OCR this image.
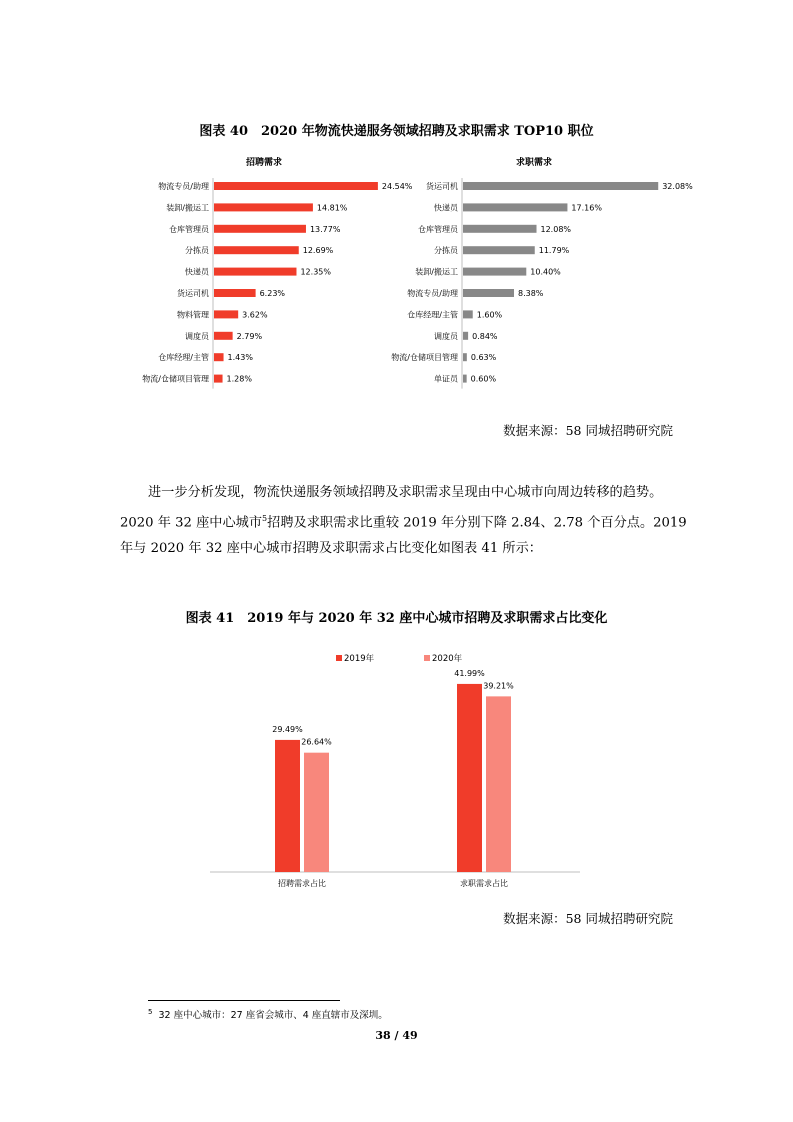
图表 40　2020 年物流快递服务领域招聘及求职需求 TOP10 职位
招聘需求
物流专员/助理	24.54%
装卸/搬运工	14.81%
仓库管理员	13.77%
分拣员	12.69%
快递员	12.35%
货运司机	6.23%
物料管理	3.62%
调度员	2.79%
仓库经理/主管 1.43%
物流/仓储项目管理 1.28%
求职需求
货运司机	32.08%
快递员	17.16%
仓库管理员	12.08%
分拣员	11.79%
装卸/搬运工	10.40%
物流专员/助理	8.38%
仓库经理/主管 1.60%
调度员 0.84%
物流/仓储项目管理 0.63%
单证员 0.60%
数据来源：58 同城招聘研究院

进一步分析发现，物流快递服务领域招聘及求职需求呈现由中心城市向周边转移的趋势。

2020 年 32 座中心城市$^5$招聘及求职需求比重较 2019 年分别下降 2.84、2.78 个百分点。2019

年与 2020 年 32 座中心城市招聘及求职需求占比变化如图表 41 所示：

图表 41　2019 年与 2020 年 32 座中心城市招聘及求职需求占比变化
2019年	2020年
29.49%
26.64%
招聘需求占比
41.99%
39.21%
求职需求占比
数据来源：58 同城招聘研究院
$^5$ 32 座中心城市：27 座省会城市、4 座直辖市及深圳。
38 / 49
